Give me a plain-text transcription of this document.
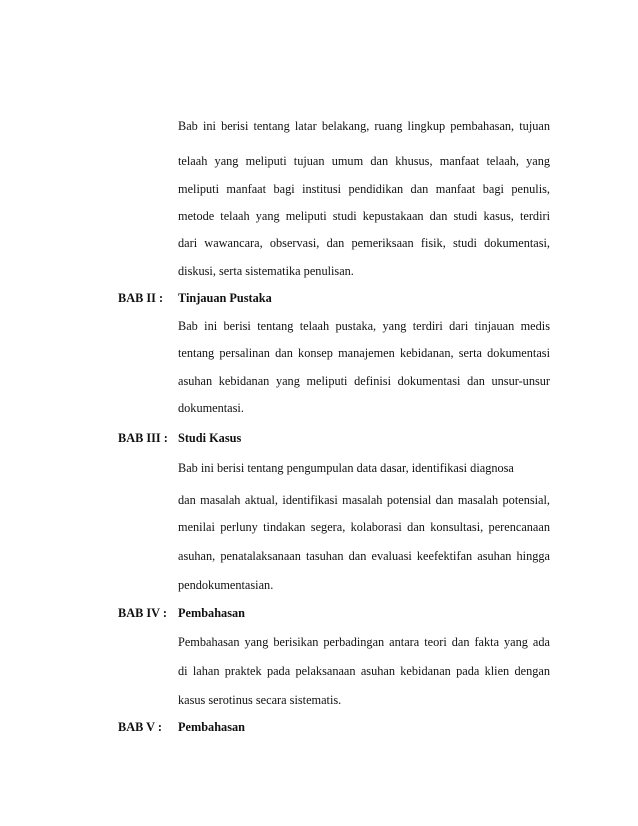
Bab ini berisi tentang latar belakang, ruang lingkup pembahasan, tujuan
telaah yang meliputi tujuan umum dan khusus, manfaat telaah, yang
meliputi manfaat bagi institusi pendidikan dan manfaat bagi penulis,
metode telaah yang meliputi studi kepustakaan dan studi kasus, terdiri
dari wawancara, observasi, dan pemeriksaan fisik, studi dokumentasi,
diskusi, serta sistematika penulisan.
BAB II : Tinjauan Pustaka
Bab ini berisi tentang telaah pustaka, yang terdiri dari tinjauan medis
tentang persalinan dan konsep manajemen kebidanan, serta dokumentasi
asuhan kebidanan yang meliputi definisi dokumentasi dan unsur-unsur
dokumentasi.
BAB III : Studi Kasus
Bab ini berisi tentang pengumpulan data dasar, identifikasi diagnosa
dan masalah aktual, identifikasi masalah potensial dan masalah potensial,
menilai perluny tindakan segera, kolaborasi dan konsultasi, perencanaan
asuhan, penatalaksanaan tasuhan dan evaluasi keefektifan asuhan hingga
pendokumentasian.
BAB IV : Pembahasan
Pembahasan yang berisikan perbadingan antara teori dan fakta yang ada
di lahan praktek pada pelaksanaan asuhan kebidanan pada klien dengan
kasus serotinus secara sistematis.
BAB V : Pembahasan
